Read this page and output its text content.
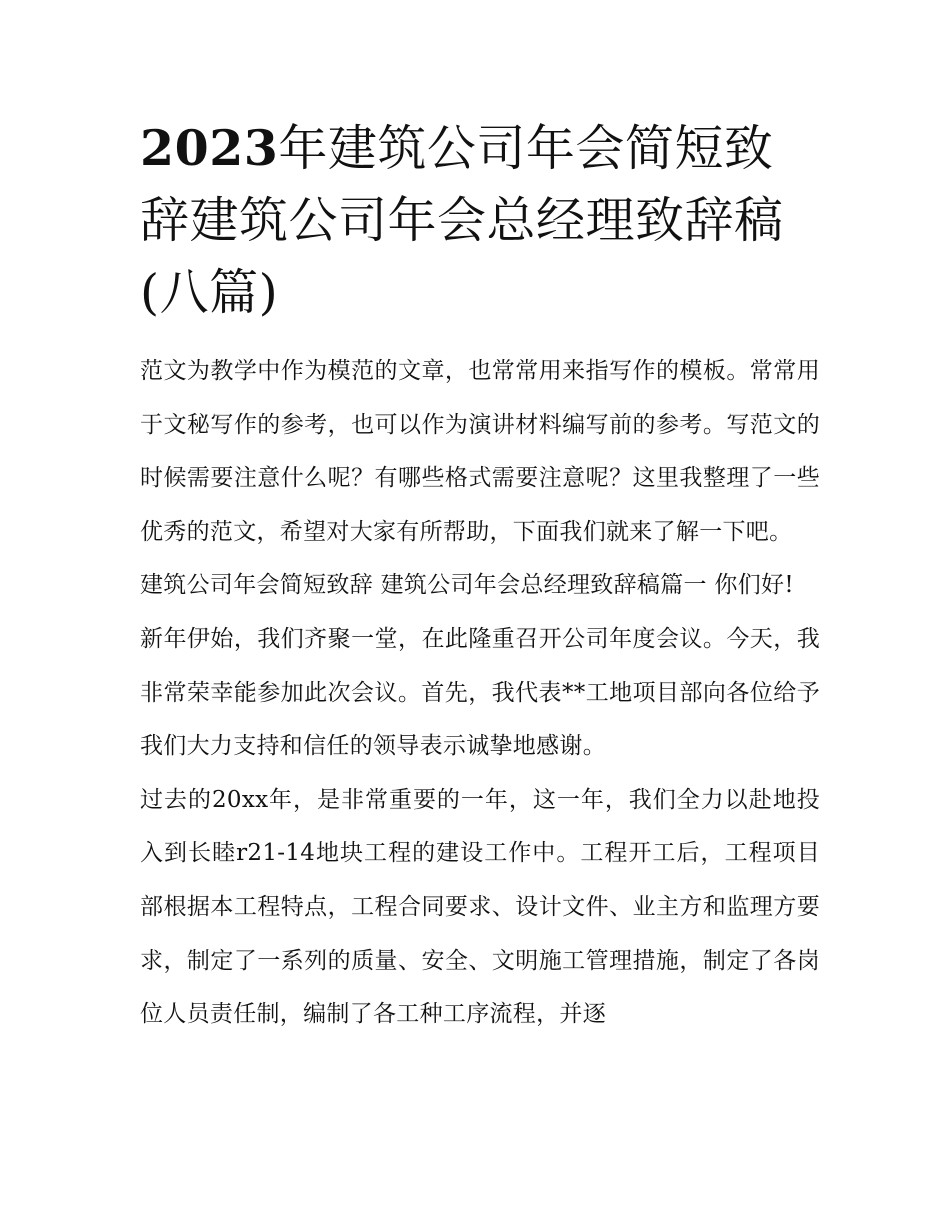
2023年建筑公司年会简短致辞建筑公司年会总经理致辞稿(八篇)

范文为教学中作为模范的文章，也常常用来指写作的模板。常常用于文秘写作的参考，也可以作为演讲材料编写前的参考。写范文的时候需要注意什么呢？有哪些格式需要注意呢？这里我整理了一些优秀的范文，希望对大家有所帮助，下面我们就来了解一下吧。

建筑公司年会简短致辞 建筑公司年会总经理致辞稿篇一 你们好!

新年伊始，我们齐聚一堂，在此隆重召开公司年度会议。今天，我非常荣幸能参加此次会议。首先，我代表**工地项目部向各位给予我们大力支持和信任的领导表示诚挚地感谢。

过去的20xx年，是非常重要的一年，这一年，我们全力以赴地投入到长睦r21-14地块工程的建设工作中。工程开工后，工程项目部根据本工程特点，工程合同要求、设计文件、业主方和监理方要求，制定了一系列的质量、安全、文明施工管理措施，制定了各岗位人员责任制，编制了各工种工序流程，并逐
